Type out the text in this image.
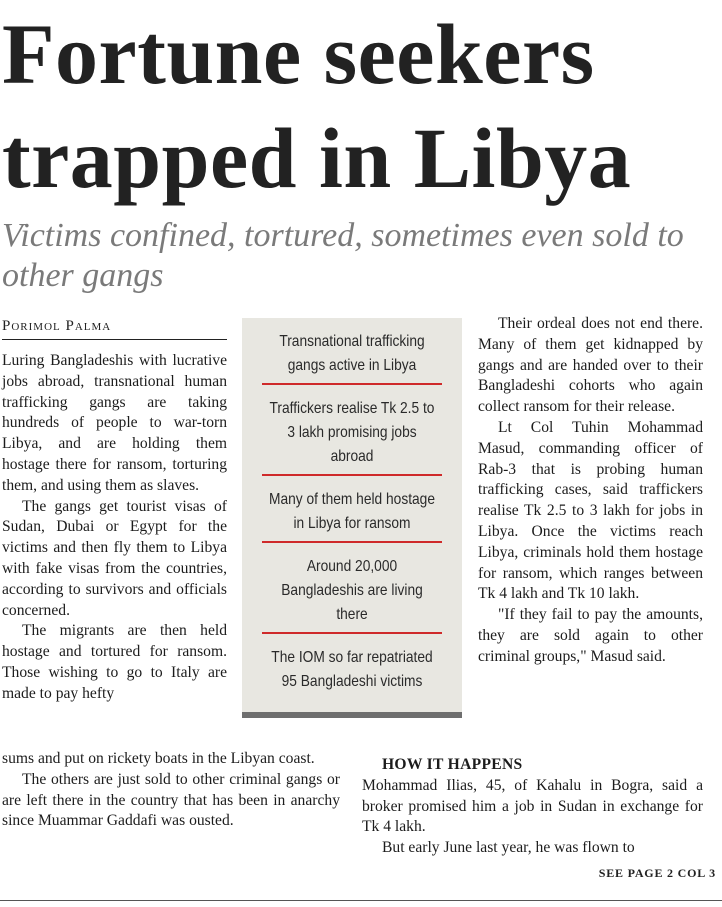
Fortune seekers trapped in Libya
Victims confined, tortured, sometimes even sold to other gangs
Porimol Palma

Luring Bangladeshis with lucrative jobs abroad, transnational human trafficking gangs are taking hundreds of people to war-torn Libya, and are holding them hostage there for ransom, torturing them, and using them as slaves.

The gangs get tourist visas of Sudan, Dubai or Egypt for the victims and then fly them to Libya with fake visas from the countries, according to survivors and officials concerned.

The migrants are then held hostage and tortured for ransom. Those wishing to go to Italy are made to pay hefty

Transnational trafficking gangs active in Libya
Traffickers realise Tk 2.5 to 3 lakh promising jobs abroad
Many of them held hostage in Libya for ransom
Around 20,000 Bangladeshis are living there
The IOM so far repatriated 95 Bangladeshi victims

Their ordeal does not end there. Many of them get kidnapped by gangs and are handed over to their Bangladeshi cohorts who again collect ransom for their release.

Lt Col Tuhin Mohammad Masud, commanding officer of Rab-3 that is probing human trafficking cases, said traffickers realise Tk 2.5 to 3 lakh for jobs in Libya. Once the victims reach Libya, criminals hold them hostage for ransom, which ranges between Tk 4 lakh and Tk 10 lakh.

"If they fail to pay the amounts, they are sold again to other criminal groups," Masud said.

sums and put on rickety boats in the Libyan coast.

The others are just sold to other criminal gangs or are left there in the country that has been in anarchy since Muammar Gaddafi was ousted.

HOW IT HAPPENS

Mohammad Ilias, 45, of Kahalu in Bogra, said a broker promised him a job in Sudan in exchange for Tk 4 lakh.

But early June last year, he was flown to

SEE PAGE 2 COL 3
